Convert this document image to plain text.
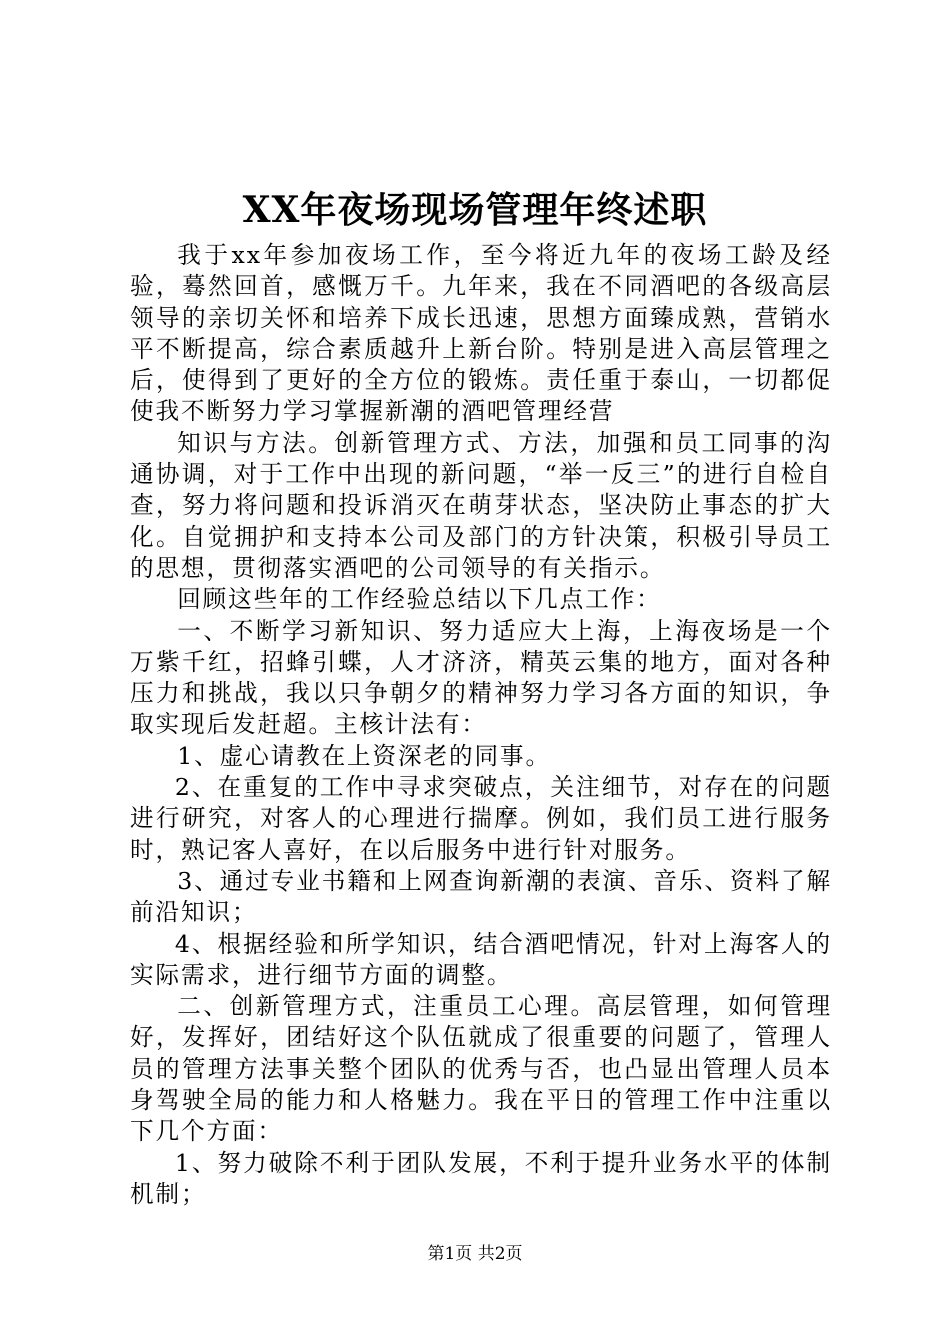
XX年夜场现场管理年终述职

我于xx年参加夜场工作，至今将近九年的夜场工龄及经验，蓦然回首，感慨万千。九年来，我在不同酒吧的各级高层领导的亲切关怀和培养下成长迅速，思想方面臻成熟，营销水平不断提高，综合素质越升上新台阶。特别是进入高层管理之后，使得到了更好的全方位的锻炼。责任重于泰山，一切都促使我不断努力学习掌握新潮的酒吧管理经营

知识与方法。创新管理方式、方法，加强和员工同事的沟通协调，对于工作中出现的新问题，“举一反三”的进行自检自查，努力将问题和投诉消灭在萌芽状态，坚决防止事态的扩大化。自觉拥护和支持本公司及部门的方针决策，积极引导员工的思想，贯彻落实酒吧的公司领导的有关指示。

回顾这些年的工作经验总结以下几点工作：

一、不断学习新知识、努力适应大上海，上海夜场是一个万紫千红，招蜂引蝶，人才济济，精英云集的地方，面对各种压力和挑战，我以只争朝夕的精神努力学习各方面的知识，争取实现后发赶超。主核计法有：

1、虚心请教在上资深老的同事。

2、在重复的工作中寻求突破点，关注细节，对存在的问题进行研究，对客人的心理进行揣摩。例如，我们员工进行服务时，熟记客人喜好，在以后服务中进行针对服务。

3、通过专业书籍和上网查询新潮的表演、音乐、资料了解前沿知识；

4、根据经验和所学知识，结合酒吧情况，针对上海客人的实际需求，进行细节方面的调整。

二、创新管理方式，注重员工心理。高层管理，如何管理好，发挥好，团结好这个队伍就成了很重要的问题了，管理人员的管理方法事关整个团队的优秀与否，也凸显出管理人员本身驾驶全局的能力和人格魅力。我在平日的管理工作中注重以下几个方面：

1、努力破除不利于团队发展，不利于提升业务水平的体制机制；

第1页 共2页
